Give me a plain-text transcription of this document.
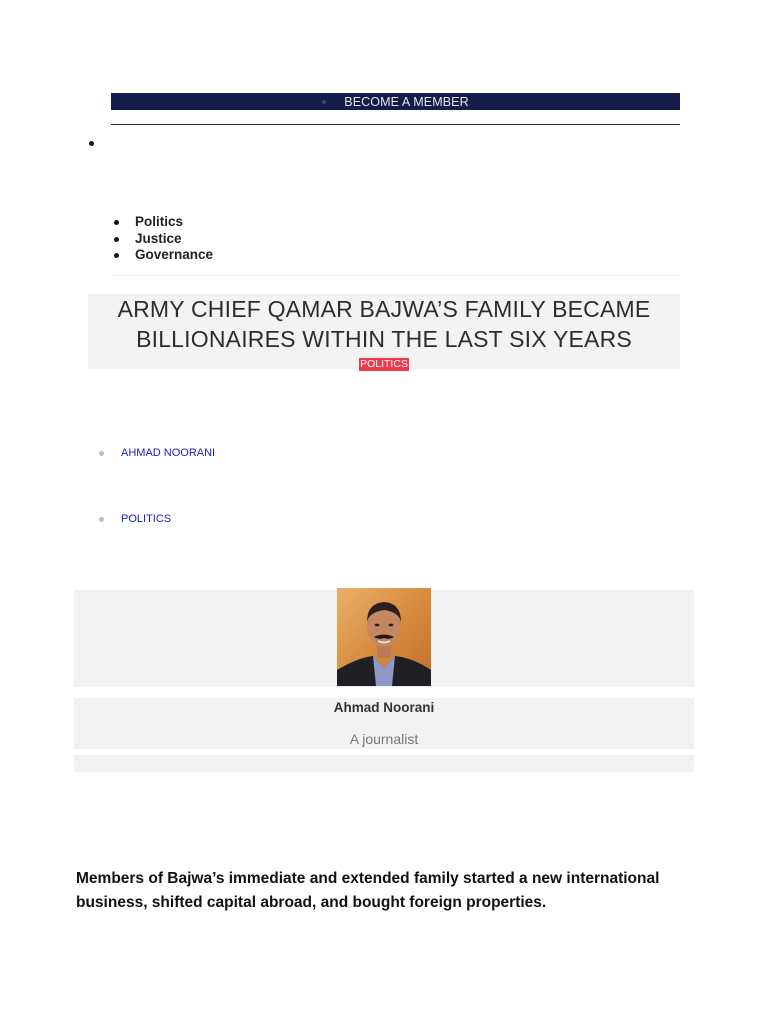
BECOME A MEMBER
Politics
Justice
Governance
ARMY CHIEF QAMAR BAJWA’S FAMILY BECAME BILLIONAIRES WITHIN THE LAST SIX YEARS
POLITICS
AHMAD NOORANI
POLITICS
Ahmad Noorani
A journalist

Members of Bajwa’s immediate and extended family started a new international business, shifted capital abroad, and bought foreign properties.
